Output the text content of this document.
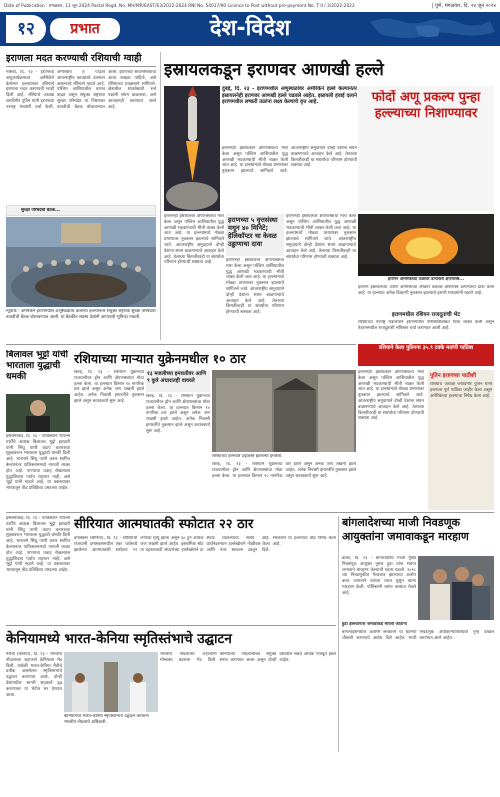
Date of Publication : मंगळवार, 13 जून 2024 Postal Regd. No. MH/MR/EAST/63/2022-2024 RNI No. 54017/90 Licence to Post without pre-payment No. T II / 3/2022-2023	| पुणे, मंगळवार, दि. २४ जून २०२४
१२	प्रभात	देश-विदेश
इराणला मदत करण्याची रशियाची ग्वाही
मॉस्को, दि. २३ - इराणच्या अणुकार्यक्रमावर अमेरिकेने केलेल्या हल्ल्यानंतर रशियाने इराणला मदत करण्याची ग्वाही दिली आहे. रशियाचे अध्यक्ष व्लादिमीर पुतिन यांनी इराणच्या परराष्ट्र मंत्र्यांशी चर्चा केली. अमेरिकेचे हे पाऊल आंतरराष्ट्रीय कायद्याचे उल्लंघन असल्याचे रशियाने म्हटले आहे. पश्चिम आशियातील तणाव वाढत असून संयुक्त राष्ट्रांच्या सुरक्षा परिषदेत या विषयावर तातडीची बैठक बोलावण्यात आली. इराणच्या सार्वभौमत्वाचा आदर राखला पाहिजे, असे रशियाच्या प्रवक्त्याने सांगितले. क्षेत्रातील शांततेसाठी सर्व पक्षांनी संयम बाळगावा, असे आवाहनही करण्यात आले आहे.
सुरक्षा परिषदेची बैठक...
न्यूयॉर्क : अमेरिकेने इराणमधील अणुस्थळांवर केलेल्या हल्ल्यानंतर संयुक्त राष्ट्रांच्या सुरक्षा परिषदेची तातडीची बैठक बोलावण्यात आली. या बैठकीत सदस्य देशांनी आपापली भूमिका मांडली.
इस्रायलकडून इराणवर आणखी हल्ले
दुबई, दि. २३ - इराणमधील अणुस्थळांवर अमेरिकेने हल्ले केल्यानंतर इस्रायलनेही इराणवर आणखी हल्ले चढवले आहेत. इस्रायली हवाई दलाने इराणमधील लष्करी तळांना लक्ष्य केल्याचे वृत्त आहे.	फोर्दो अणू प्रकल्प पुन्हा हल्ल्याच्या निशाण्यावर
इराणनेही इस्रायलवर क्षेपणास्त्रांचा मारा केला असून पश्चिम आशियातील युद्ध आणखी भडकण्याची भीती व्यक्त केली जात आहे. या हल्ल्यांमध्ये मोठ्या प्रमाणावर नुकसान झाल्याचे सांगितले जाते. आंतरराष्ट्रीय समुदायाने दोन्ही देशांना संयम बाळगण्याचे आवाहन केले आहे. तेलाच्या किमतींवरही या संघर्षाचा परिणाम होण्याची शक्यता आहे.
इराणनेही इस्रायलवर क्षेपणास्त्रांचा मारा केला असून पश्चिम आशियातील युद्ध आणखी भडकण्याची भीती व्यक्त केली जात आहे. या हल्ल्यांमध्ये मोठ्या प्रमाणावर नुकसान झाल्याचे सांगितले जाते. आंतरराष्ट्रीय समुदायाने दोन्ही देशांना संयम बाळगण्याचे आवाहन केले आहे. तेलाच्या किमतींवरही या संघर्षाचा परिणाम होण्याची शक्यता आहे.
इराणच्या ५ वृत्तसंस्था मधून ४० मिनिटे; हेलिकॉप्टर चा केवळ उड्डाणाचा दावा
इराणनेही इस्रायलवर क्षेपणास्त्रांचा मारा केला असून पश्चिम आशियातील युद्ध आणखी भडकण्याची भीती व्यक्त केली जात आहे. या हल्ल्यांमध्ये मोठ्या प्रमाणावर नुकसान झाल्याचे सांगितले जाते. आंतरराष्ट्रीय समुदायाने दोन्ही देशांना संयम बाळगण्याचे आवाहन केले आहे. तेलाच्या किमतींवरही या संघर्षाचा परिणाम होण्याची शक्यता आहे.
इराणनेही इस्रायलवर क्षेपणास्त्रांचा मारा केला असून पश्चिम आशियातील युद्ध आणखी भडकण्याची भीती व्यक्त केली जात आहे. या हल्ल्यांमध्ये मोठ्या प्रमाणावर नुकसान झाल्याचे सांगितले जाते. आंतरराष्ट्रीय समुदायाने दोन्ही देशांना संयम बाळगण्याचे आवाहन केले आहे. तेलाच्या किमतींवरही या संघर्षाचा परिणाम होण्याची शक्यता आहे.
इराणने अमेरिकेच्या तळांवर डागलेली क्षेपणास्त्रे...
इराणने इस्रायलच्या आणि अमेरिकेच्या लष्करी तळांवर क्षेपणास्त्रे डागल्याचा दावा केला आहे. या हल्ल्यात अनेक ठिकाणी नुकसान झाल्याचे इराणी माध्यमांनी म्हटले आहे.
इराणमधील रशियन राजदूतांची भेट
रशियाच्या परराष्ट्र मंत्रालयाने इराणमधील परिस्थितीबाबत चिंता व्यक्त केली असून तेहरानमधील राजदूतांशी सविस्तर चर्चा करण्यात आली आहे.
रशियाने केला पुतिनना ३५.९ टक्के मतांनी पाठिंबा
बिलावल भुट्टो यांची भारताला युद्धाची धमकी
इस्लामाबाद, दि. २३ - पाकिस्तान पीपल्स पार्टीचे अध्यक्ष बिलावल भुट्टो झरदारी यांनी सिंधू पाणी वाटप कराराच्या मुद्द्यावरून भारताला युद्धाची धमकी दिली आहे. भारताने सिंधू पाणी करार स्थगित केल्यानंतर पाकिस्तानमध्ये नाराजी व्यक्त होत आहे. पाण्याचा प्रवाह रोखल्यास युद्धाशिवाय पर्याय राहणार नाही, असे भुट्टो यांनी म्हटले आहे. या वक्तव्यावर भारतातून तीव्र प्रतिक्रिया उमटल्या आहेत.
रशियाच्या माऱ्यात युक्रेनमधील १० ठार
किव्ह, दि. २३ - रशियाने युक्रेनच्या राजधानीवर ड्रोन आणि क्षेपणास्त्रांचा मोठा हल्ला केला. या हल्ल्यात किमान १० नागरिक ठार झाले असून अनेक जण जखमी झाले आहेत. अनेक निवासी इमारतींचे नुकसान झाले असून बचावकार्य सुरू आहे.
१३ मजलीच्या इमारतीवर आणि ९ कुत्रे अंधारातही वावरले
किव्ह, दि. २३ - रशियाने युक्रेनच्या राजधानीवर ड्रोन आणि क्षेपणास्त्रांचा मोठा हल्ला केला. या हल्ल्यात किमान १० नागरिक ठार झाले असून अनेक जण जखमी झाले आहेत. अनेक निवासी इमारतींचे नुकसान झाले असून बचावकार्य सुरू आहे.
रशियाच्या हल्ल्यात उद्ध्वस्त झालेल्या इमारती.
किव्ह, दि. २३ - रशियाने युक्रेनच्या राजधानीवर ड्रोन आणि क्षेपणास्त्रांचा मोठा हल्ला केला. या हल्ल्यात किमान १० नागरिक ठार झाले असून अनेक जण जखमी झाले आहेत. अनेक निवासी इमारतींचे नुकसान झाले असून बचावकार्य सुरू आहे.
इराणनेही इस्रायलवर क्षेपणास्त्रांचा मारा केला असून पश्चिम आशियातील युद्ध आणखी भडकण्याची भीती व्यक्त केली जात आहे. या हल्ल्यांमध्ये मोठ्या प्रमाणावर नुकसान झाल्याचे सांगितले जाते. आंतरराष्ट्रीय समुदायाने दोन्ही देशांना संयम बाळगण्याचे आवाहन केले आहे. तेलाच्या किमतींवरही या संघर्षाचा परिणाम होण्याची शक्यता आहे.
पुतिन इराणच्या पाठीशी
रशियाचे अध्यक्ष व्लादिमीर पुतिन यांनी इराणला पूर्ण पाठिंबा जाहीर केला असून अमेरिकेच्या हल्ल्याचा निषेध केला आहे.
सीरियात आत्मघातकी स्फोटात २२ ठार
इस्लामाबाद, दि. २३ - पाकिस्तान पीपल्स पार्टीचे अध्यक्ष बिलावल भुट्टो झरदारी यांनी सिंधू पाणी वाटप कराराच्या मुद्द्यावरून भारताला युद्धाची धमकी दिली आहे. भारताने सिंधू पाणी करार स्थगित केल्यानंतर पाकिस्तानमध्ये नाराजी व्यक्त होत आहे. पाण्याचा प्रवाह रोखल्यास युद्धाशिवाय पर्याय राहणार नाही, असे भुट्टो यांनी म्हटले आहे. या वक्तव्यावर भारतातून तीव्र प्रतिक्रिया उमटल्या आहेत.
दमास्कस (सीरिया), दि. २३ - सीरियाची राजधानी दमास्कसमधील एका चर्चमध्ये झालेल्या आत्मघातकी स्फोटात २२ जणांचा मृत्यू झाला असून ६० हून अधिक जण जखमी झाले आहेत. इस्लामिक स्टेट या दहशतवादी संघटनेच्या हल्लेखोराने हा स्फोट घडवल्याचा संशय आहे. प्रार्थनेदरम्यान हल्लेखोराने गोळीबार केला आणि नंतर स्वतःला उडवून दिले. सरकारने या हल्ल्याचा तीव्र निषेध केला आहे.
बांगलादेशच्या माजी निवडणूक आयुक्तांना जमावाकडून मारहाण
ढाका, दि. २३ - बांगलादेशचे माजी मुख्य निवडणूक आयुक्त नुरुल हुडा यांना संतप्त जमावाने मारहाण केल्याची घटना घडली. २०१८ च्या निवडणुकीत गैरप्रकार झाल्याचा आरोप करत जमावाने त्यांच्या घरात घुसून त्यांना मारहाण केली. पोलिसांनी त्यांना ताब्यात घेतले आहे.
हुडा हल्ल्यानंतर जमावाकडे मारली जाताना
बांगलादेशमधील अंतरिम सरकारने या घटनेची चौकशी करण्याचे आदेश दिले आहेत. माजी निवडणूक अधिकाऱ्यांविरोधात गुन्हे दाखल करण्यात आले आहेत.
केनियामध्ये भारत-केनिया स्मृतिस्तंभाचे उद्घाटन
नैरोबी (केनिया), दि. २३ - भारतीय नौदलाच्या जहाजाने केनियाला भेट दिली. यावेळी भारत-केनिया मैत्रीचे प्रतीक असलेल्या स्मृतिस्तंभाचे उद्घाटन करण्यात आले. दोन्ही देशांमधील सागरी सहकार्य दृढ करण्यावर या भेटीत भर देण्यात आला.
केनियामध्ये भारत-केनिया स्मृतिस्तंभाचे उद्घाटन करताना भारतीय नौदलाचे अधिकारी.
भारतीय नौदलाच्या जहाजांनी मोम्बासा बंदराला भेट दिली. केनियाच्या नौदलासोबत संयुक्त सराव करण्यात आला असून दोन्ही देशांतील संबंध अधिक मजबूत झाले आहेत.
